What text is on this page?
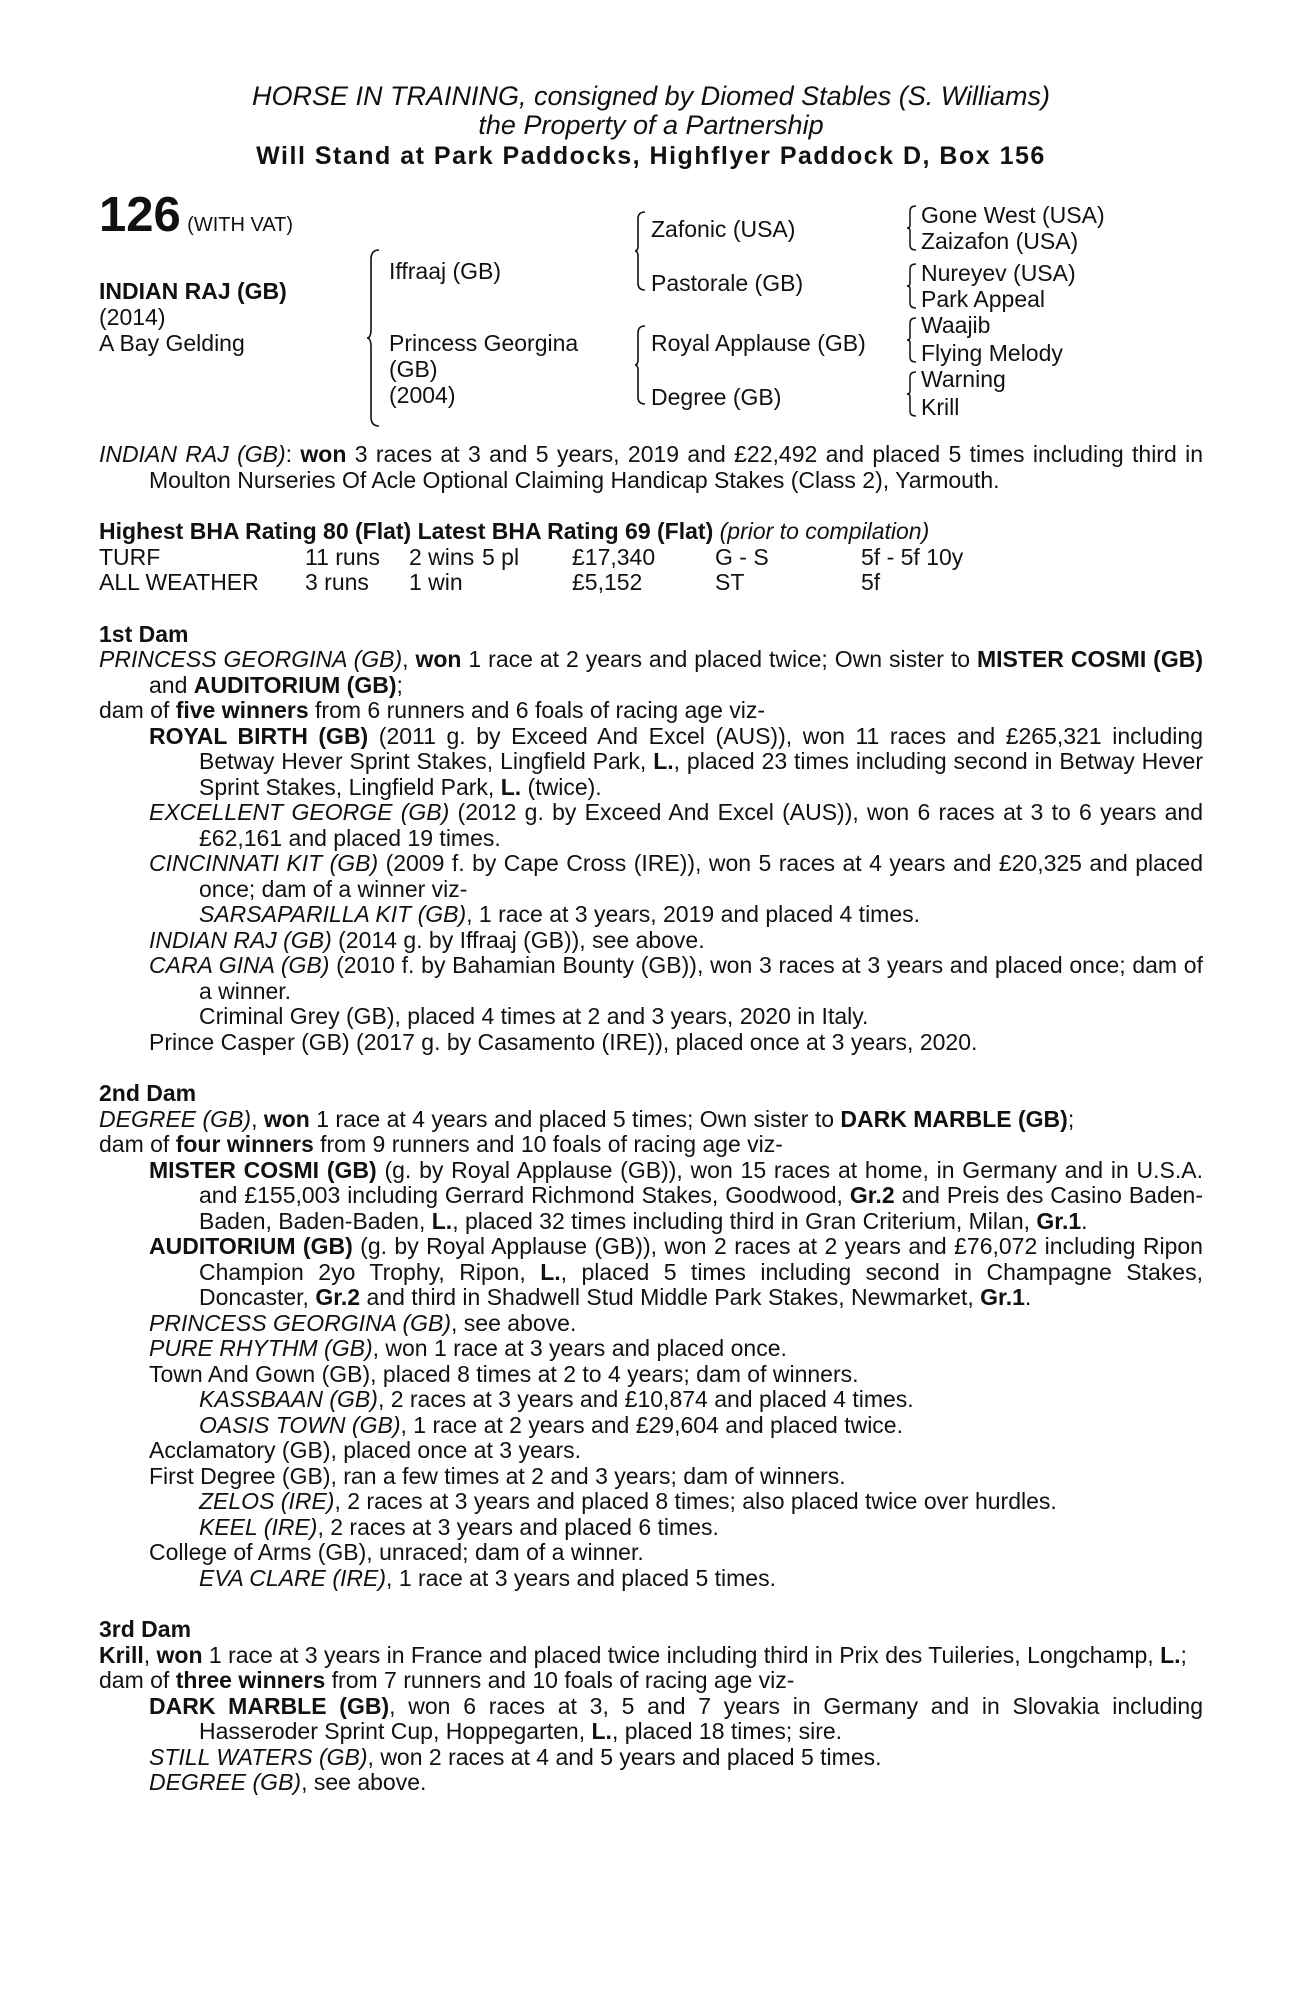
HORSE IN TRAINING, consigned by Diomed Stables (S. Williams)
the Property of a Partnership
Will Stand at Park Paddocks, Highflyer Paddock D, Box 156
126 (WITH VAT)
INDIAN RAJ (GB)
(2014)
A Bay Gelding
Iffraaj (GB)
Princess Georgina
(GB)
(2004)
Zafonic (USA)
Pastorale (GB)
Royal Applause (GB)
Degree (GB)
Gone West (USA)
Zaizafon (USA)
Nureyev (USA)
Park Appeal
Waajib
Flying Melody
Warning
Krill
INDIAN RAJ (GB): won 3 races at 3 and 5 years, 2019 and £22,492 and placed 5 times including third in Moulton Nurseries Of Acle Optional Claiming Handicap Stakes (Class 2), Yarmouth.
Highest BHA Rating 80 (Flat) Latest BHA Rating 69 (Flat) (prior to compilation)
TURF	11 runs	2 wins	5 pl	£17,340	G - S	5f - 5f 10y
ALL WEATHER	3 runs	1 win		£5,152	ST	5f
1st Dam
PRINCESS GEORGINA (GB), won 1 race at 2 years and placed twice; Own sister to MISTER COSMI (GB) and AUDITORIUM (GB);
dam of five winners from 6 runners and 6 foals of racing age viz-
ROYAL BIRTH (GB) (2011 g. by Exceed And Excel (AUS)), won 11 races and £265,321 including Betway Hever Sprint Stakes, Lingfield Park, L., placed 23 times including second in Betway Hever Sprint Stakes, Lingfield Park, L. (twice).
EXCELLENT GEORGE (GB) (2012 g. by Exceed And Excel (AUS)), won 6 races at 3 to 6 years and £62,161 and placed 19 times.
CINCINNATI KIT (GB) (2009 f. by Cape Cross (IRE)), won 5 races at 4 years and £20,325 and placed once; dam of a winner viz-
SARSAPARILLA KIT (GB), 1 race at 3 years, 2019 and placed 4 times.
INDIAN RAJ (GB) (2014 g. by Iffraaj (GB)), see above.
CARA GINA (GB) (2010 f. by Bahamian Bounty (GB)), won 3 races at 3 years and placed once; dam of a winner.
Criminal Grey (GB), placed 4 times at 2 and 3 years, 2020 in Italy.
Prince Casper (GB) (2017 g. by Casamento (IRE)), placed once at 3 years, 2020.
2nd Dam
DEGREE (GB), won 1 race at 4 years and placed 5 times; Own sister to DARK MARBLE (GB);
dam of four winners from 9 runners and 10 foals of racing age viz-
MISTER COSMI (GB) (g. by Royal Applause (GB)), won 15 races at home, in Germany and in U.S.A. and £155,003 including Gerrard Richmond Stakes, Goodwood, Gr.2 and Preis des Casino Baden-Baden, Baden-Baden, L., placed 32 times including third in Gran Criterium, Milan, Gr.1.
AUDITORIUM (GB) (g. by Royal Applause (GB)), won 2 races at 2 years and £76,072 including Ripon Champion 2yo Trophy, Ripon, L., placed 5 times including second in Champagne Stakes, Doncaster, Gr.2 and third in Shadwell Stud Middle Park Stakes, Newmarket, Gr.1.
PRINCESS GEORGINA (GB), see above.
PURE RHYTHM (GB), won 1 race at 3 years and placed once.
Town And Gown (GB), placed 8 times at 2 to 4 years; dam of winners.
KASSBAAN (GB), 2 races at 3 years and £10,874 and placed 4 times.
OASIS TOWN (GB), 1 race at 2 years and £29,604 and placed twice.
Acclamatory (GB), placed once at 3 years.
First Degree (GB), ran a few times at 2 and 3 years; dam of winners.
ZELOS (IRE), 2 races at 3 years and placed 8 times; also placed twice over hurdles.
KEEL (IRE), 2 races at 3 years and placed 6 times.
College of Arms (GB), unraced; dam of a winner.
EVA CLARE (IRE), 1 race at 3 years and placed 5 times.
3rd Dam
Krill, won 1 race at 3 years in France and placed twice including third in Prix des Tuileries, Longchamp, L.;
dam of three winners from 7 runners and 10 foals of racing age viz-
DARK MARBLE (GB), won 6 races at 3, 5 and 7 years in Germany and in Slovakia including Hasseroder Sprint Cup, Hoppegarten, L., placed 18 times; sire.
STILL WATERS (GB), won 2 races at 4 and 5 years and placed 5 times.
DEGREE (GB), see above.
